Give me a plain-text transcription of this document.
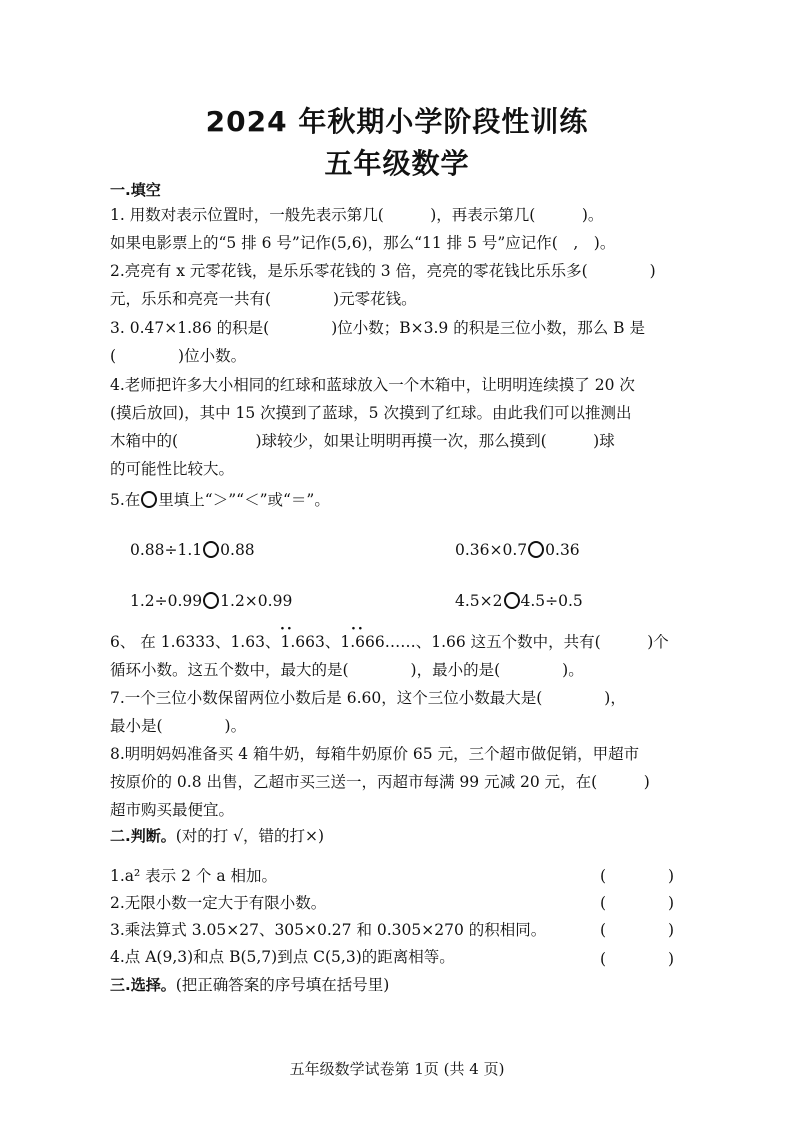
2024 年秋期小学阶段性训练
五年级数学
一.填空
1. 用数对表示位置时，一般先表示第几(　　　)，再表示第几(　　　)。
如果电影票上的“5 排 6 号”记作(5,6)，那么“11 排 5 号”应记作(　,　)。
2.亮亮有 x 元零花钱，是乐乐零花钱的 3 倍，亮亮的零花钱比乐乐多(　　　　)
元，乐乐和亮亮一共有(　　　　)元零花钱。
3. 0.47×1.86 的积是(　　　　)位小数；B×3.9 的积是三位小数，那么 B 是
(　　　　)位小数。
4.老师把许多大小相同的红球和蓝球放入一个木箱中，让明明连续摸了 20 次
(摸后放回)，其中 15 次摸到了蓝球，5 次摸到了红球。由此我们可以推测出
木箱中的(　　　　　)球较少，如果让明明再摸一次，那么摸到(　　　)球
的可能性比较大。
5.在 里填上“＞”“＜”或“＝”。
0.88÷1.1 0.88	0.36×0.7 0.36
1.2÷0.99 1.2×0.99	4.5×2 4.5÷0.5
··	··
6、 在 1.6333、1.63、1.663、1.666……、1.66 这五个数中，共有(　　　)个
循环小数。这五个数中，最大的是(　　　　)，最小的是(　　　　)。
7.一个三位小数保留两位小数后是 6.60，这个三位小数最大是(　　　　)，
最小是(　　　　)。
8.明明妈妈准备买 4 箱牛奶，每箱牛奶原价 65 元，三个超市做促销，甲超市
按原价的 0.8 出售，乙超市买三送一，丙超市每满 99 元减 20 元，在(　　　)
超市购买最便宜。
二.判断。(对的打 √，错的打×)
1.a² 表示 2 个 a 相加。	(　　　　)
2.无限小数一定大于有限小数。	(　　　　)
3.乘法算式 3.05×27、305×0.27 和 0.305×270 的积相同。	(　　　　)
4.点 A(9,3)和点 B(5,7)到点 C(5,3)的距离相等。	(　　　　)
三.选择。(把正确答案的序号填在括号里)
五年级数学试卷第 1页 (共 4 页)
